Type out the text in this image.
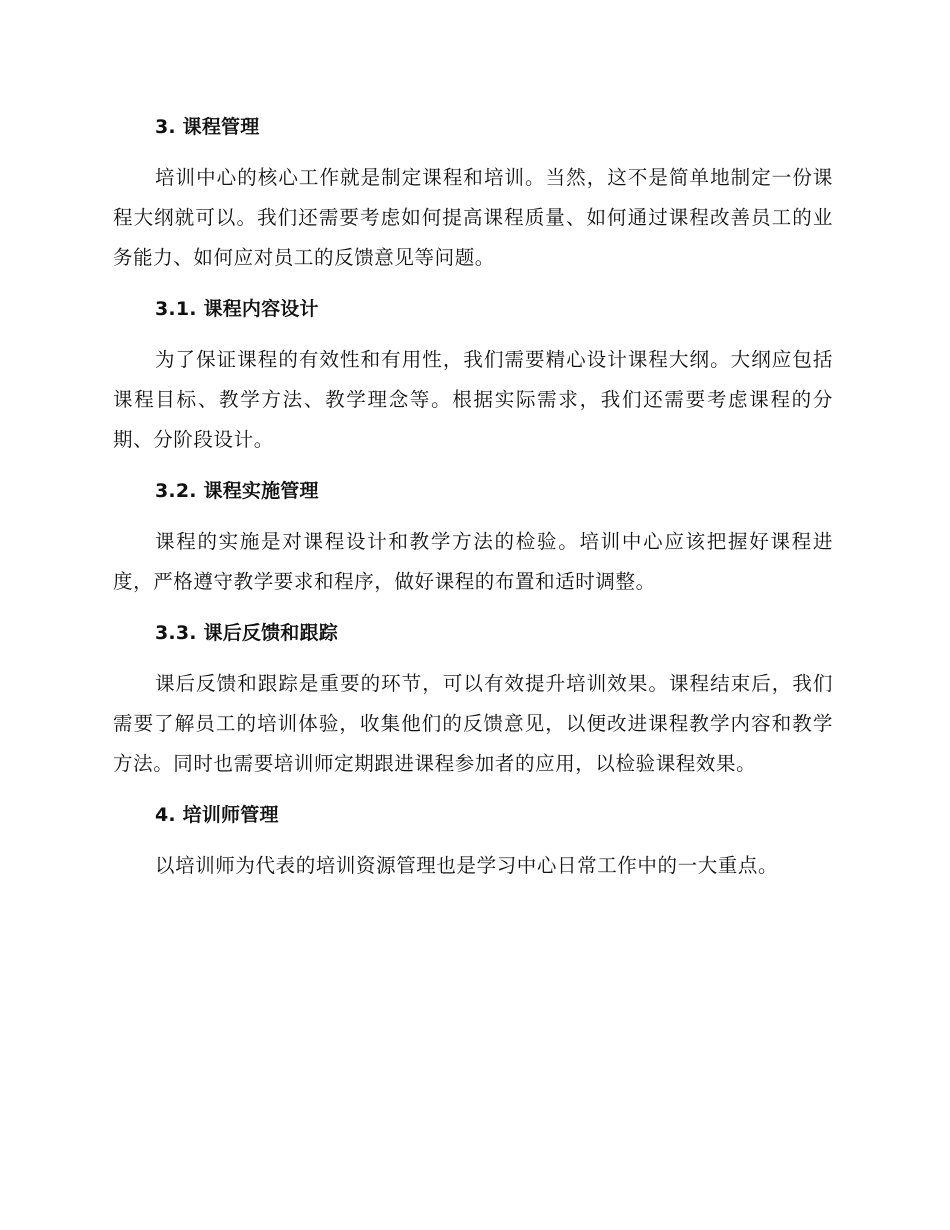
3. 课程管理

培训中心的核心工作就是制定课程和培训。当然，这不是简单地制定一份课程大纲就可以。我们还需要考虑如何提高课程质量、如何通过课程改善员工的业务能力、如何应对员工的反馈意见等问题。

3.1. 课程内容设计

为了保证课程的有效性和有用性，我们需要精心设计课程大纲。大纲应包括课程目标、教学方法、教学理念等。根据实际需求，我们还需要考虑课程的分期、分阶段设计。

3.2. 课程实施管理

课程的实施是对课程设计和教学方法的检验。培训中心应该把握好课程进度，严格遵守教学要求和程序，做好课程的布置和适时调整。

3.3. 课后反馈和跟踪

课后反馈和跟踪是重要的环节，可以有效提升培训效果。课程结束后，我们需要了解员工的培训体验，收集他们的反馈意见，以便改进课程教学内容和教学方法。同时也需要培训师定期跟进课程参加者的应用，以检验课程效果。

4. 培训师管理

以培训师为代表的培训资源管理也是学习中心日常工作中的一大重点。
